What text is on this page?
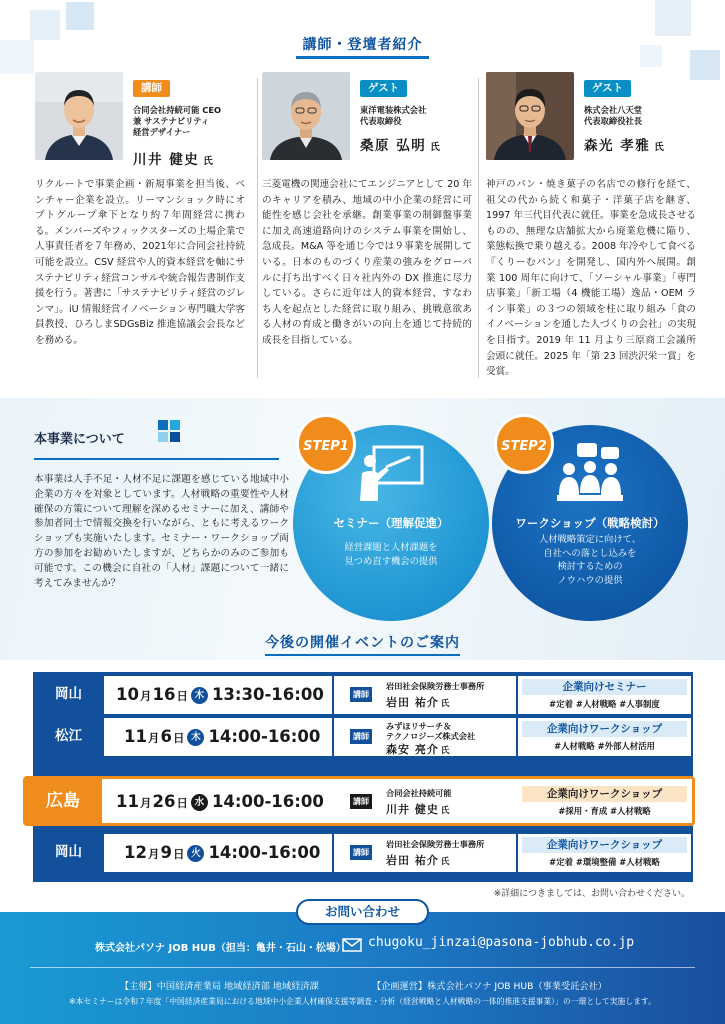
講師・登壇者紹介
講師
合同会社持続可能 CEO
兼 サステナビリティ
経営デザイナー
川井 健史 氏
リクルートで事業企画・新規事業を担当後、ベンチャー企業を設立。リーマンショック時にオプトグループ傘下となり約７年間経営に携わる。メンバーズやフィックスターズの上場企業で人事責任者を７年務め、2021年に合同会社持続可能を設立。CSV 経営や人的資本経営を軸にサステナビリティ経営コンサルや統合報告書制作支援を行う。著書に「サステナビリティ経営のジレンマ」。iU 情報経営イノベーション専門職大学客員教授、ひろしまSDGsBiz 推進協議会会長などを務める。
ゲスト
東洋電装株式会社
代表取締役
桑原 弘明 氏
三菱電機の関連会社にてエンジニアとして 20 年のキャリアを積み、地域の中小企業の経営に可能性を感じ会社を承継。創業事業の制御盤事業に加え高速道路向けのシステム事業を開始し、急成長。M&A 等を通じ今では９事業を展開している。日本のものづくり産業の強みをグローバルに打ち出すべく日々社内外の DX 推進に尽力している。さらに近年は人的資本経営、すなわち人を起点とした経営に取り組み、挑戦意欲ある人材の育成と働きがいの向上を通じて持続的成長を目指している。
ゲスト
株式会社八天堂
代表取締役社長
森光 孝雅 氏
神戸のパン・焼き菓子の名店での修行を経て、祖父の代から続く和菓子・洋菓子店を継ぎ、1997 年三代目代表に就任。事業を急成長させるものの、無理な店舗拡大から廃業危機に陥り、業態転換で乗り越える。2008 年冷やして食べる『くりーむパン』を開発し、国内外へ展開。創業 100 周年に向けて、「ソーシャル事業」「専門店事業」「新工場（4 機能工場）逸品・OEM ライン事業」の３つの領域を柱に取り組み「食のイノベーションを通した人づくりの会社」の実現を目指す。2019 年 11 月より三原商工会議所 会頭に就任。2025 年「第 23 回渋沢栄一賞」を受賞。
本事業について
本事業は人手不足・人材不足に課題を感じている地域中小企業の方々を対象としています。人材戦略の重要性や人材確保の方策について理解を深めるセミナーに加え、講師や参加者同士で情報交換を行いながら、ともに考えるワークショップも実施いたします。セミナー・ワークショップ両方の参加をお勧めいたしますが、どちらかのみのご参加も可能です。この機会に自社の「人材」課題について一緒に考えてみませんか？
セミナー（理解促進）
経営課題と人材課題を
見つめ直す機会の提供
STEP1
ワークショップ（戦略検討）
人材戦略策定に向けて、
自社への落とし込みを
検討するための
ノウハウの提供
STEP2
今後の開催イベントのご案内
岡山	10月16日 木 13:30-16:00	講師
岩田社会保険労務士事務所
岩田 祐介 氏
企業向けセミナー
#定着 #人材戦略 #人事制度
松江	11月6日 木 14:00-16:00	講師
みずほリサーチ＆
テクノロジーズ株式会社
森安 亮介 氏
企業向けワークショップ
#人材戦略 #外部人材活用
広島	11月26日 水 14:00-16:00	講師
合同会社持続可能
川井 健史 氏
企業向けワークショップ
#採用・育成 #人材戦略
岡山	12月9日 火 14:00-16:00	講師
岩田社会保険労務士事務所
岩田 祐介 氏
企業向けワークショップ
#定着 #環境整備 #人材戦略
※詳細につきましては、お問い合わせください。
お問い合わせ
株式会社パソナ JOB HUB（担当：亀井・石山・松場） chugoku_jinzai@pasona-jobhub.co.jp
【主催】中国経済産業局 地域経済部 地域経済課	【企画運営】株式会社パソナ JOB HUB（事業受託会社）
※本セミナーは令和７年度「中国経済産業局における地域中小企業人材確保支援等調査・分析（経営戦略と人材戦略の一体的推進支援事業）」の一環として実施します。
